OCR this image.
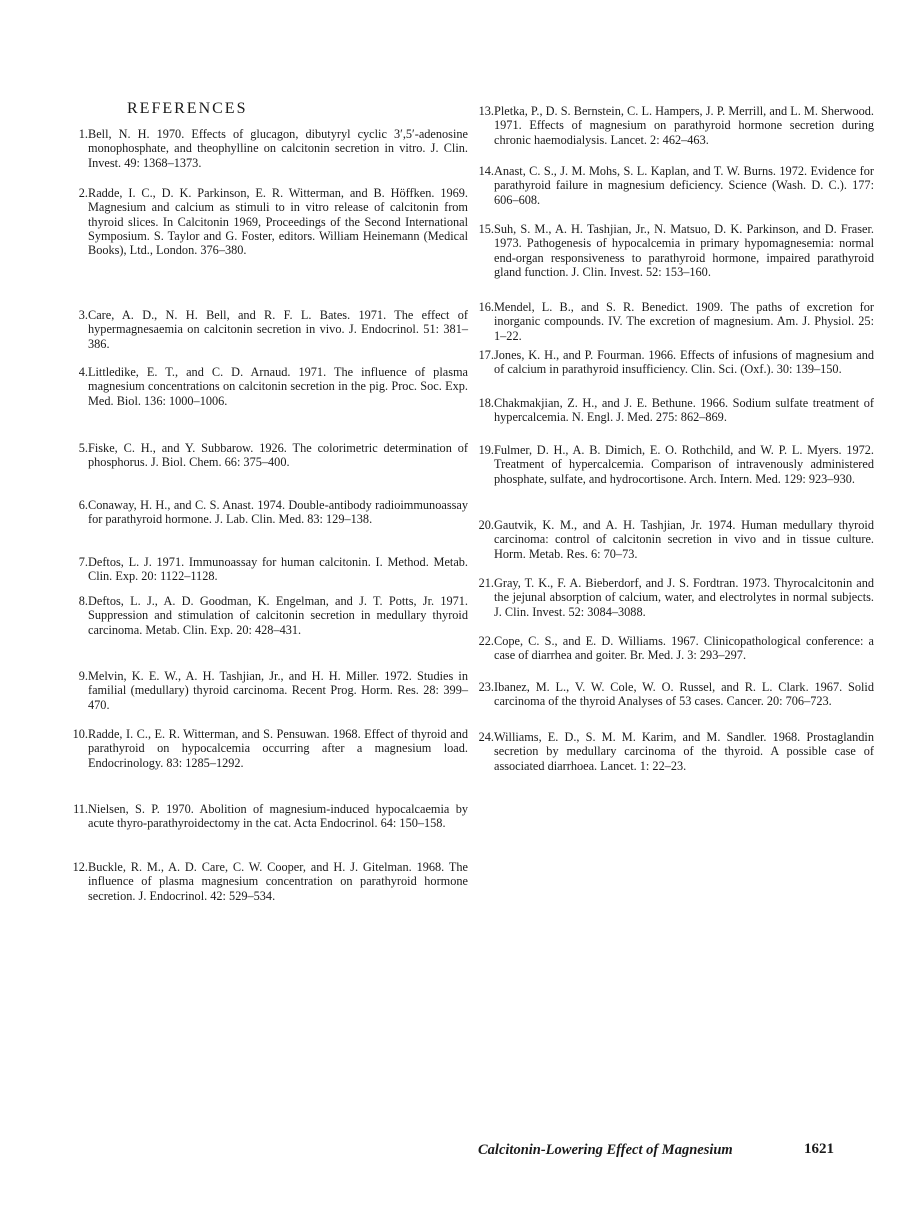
REFERENCES
1. Bell, N. H. 1970. Effects of glucagon, dibutyryl cyclic 3′,5′-adenosine monophosphate, and theophylline on calcitonin secretion in vitro. J. Clin. Invest. 49: 1368–1373.
2. Radde, I. C., D. K. Parkinson, E. R. Witterman, and B. Höffken. 1969. Magnesium and calcium as stimuli to in vitro release of calcitonin from thyroid slices. In Calcitonin 1969, Proceedings of the Second International Symposium. S. Taylor and G. Foster, editors. William Heinemann (Medical Books), Ltd., London. 376–380.
3. Care, A. D., N. H. Bell, and R. F. L. Bates. 1971. The effect of hypermagnesaemia on calcitonin secretion in vivo. J. Endocrinol. 51: 381–386.
4. Littledike, E. T., and C. D. Arnaud. 1971. The influence of plasma magnesium concentrations on calcitonin secretion in the pig. Proc. Soc. Exp. Med. Biol. 136: 1000–1006.
5. Fiske, C. H., and Y. Subbarow. 1926. The colorimetric determination of phosphorus. J. Biol. Chem. 66: 375–400.
6. Conaway, H. H., and C. S. Anast. 1974. Double-antibody radioimmunoassay for parathyroid hormone. J. Lab. Clin. Med. 83: 129–138.
7. Deftos, L. J. 1971. Immunoassay for human calcitonin. I. Method. Metab. Clin. Exp. 20: 1122–1128.
8. Deftos, L. J., A. D. Goodman, K. Engelman, and J. T. Potts, Jr. 1971. Suppression and stimulation of calcitonin secretion in medullary thyroid carcinoma. Metab. Clin. Exp. 20: 428–431.
9. Melvin, K. E. W., A. H. Tashjian, Jr., and H. H. Miller. 1972. Studies in familial (medullary) thyroid carcinoma. Recent Prog. Horm. Res. 28: 399–470.
10. Radde, I. C., E. R. Witterman, and S. Pensuwan. 1968. Effect of thyroid and parathyroid on hypocalcemia occurring after a magnesium load. Endocrinology. 83: 1285–1292.
11. Nielsen, S. P. 1970. Abolition of magnesium-induced hypocalcaemia by acute thyro-parathyroidectomy in the cat. Acta Endocrinol. 64: 150–158.
12. Buckle, R. M., A. D. Care, C. W. Cooper, and H. J. Gitelman. 1968. The influence of plasma magnesium concentration on parathyroid hormone secretion. J. Endocrinol. 42: 529–534.
13. Pletka, P., D. S. Bernstein, C. L. Hampers, J. P. Merrill, and L. M. Sherwood. 1971. Effects of magnesium on parathyroid hormone secretion during chronic haemodialysis. Lancet. 2: 462–463.
14. Anast, C. S., J. M. Mohs, S. L. Kaplan, and T. W. Burns. 1972. Evidence for parathyroid failure in magnesium deficiency. Science (Wash. D. C.). 177: 606–608.
15. Suh, S. M., A. H. Tashjian, Jr., N. Matsuo, D. K. Parkinson, and D. Fraser. 1973. Pathogenesis of hypocalcemia in primary hypomagnesemia: normal end-organ responsiveness to parathyroid hormone, impaired parathyroid gland function. J. Clin. Invest. 52: 153–160.
16. Mendel, L. B., and S. R. Benedict. 1909. The paths of excretion for inorganic compounds. IV. The excretion of magnesium. Am. J. Physiol. 25: 1–22.
17. Jones, K. H., and P. Fourman. 1966. Effects of infusions of magnesium and of calcium in parathyroid insufficiency. Clin. Sci. (Oxf.). 30: 139–150.
18. Chakmakjian, Z. H., and J. E. Bethune. 1966. Sodium sulfate treatment of hypercalcemia. N. Engl. J. Med. 275: 862–869.
19. Fulmer, D. H., A. B. Dimich, E. O. Rothchild, and W. P. L. Myers. 1972. Treatment of hypercalcemia. Comparison of intravenously administered phosphate, sulfate, and hydrocortisone. Arch. Intern. Med. 129: 923–930.
20. Gautvik, K. M., and A. H. Tashjian, Jr. 1974. Human medullary thyroid carcinoma: control of calcitonin secretion in vivo and in tissue culture. Horm. Metab. Res. 6: 70–73.
21. Gray, T. K., F. A. Bieberdorf, and J. S. Fordtran. 1973. Thyrocalcitonin and the jejunal absorption of calcium, water, and electrolytes in normal subjects. J. Clin. Invest. 52: 3084–3088.
22. Cope, C. S., and E. D. Williams. 1967. Clinicopathological conference: a case of diarrhea and goiter. Br. Med. J. 3: 293–297.
23. Ibanez, M. L., V. W. Cole, W. O. Russel, and R. L. Clark. 1967. Solid carcinoma of the thyroid Analyses of 53 cases. Cancer. 20: 706–723.
24. Williams, E. D., S. M. M. Karim, and M. Sandler. 1968. Prostaglandin secretion by medullary carcinoma of the thyroid. A possible case of associated diarrhoea. Lancet. 1: 22–23.
Calcitonin-Lowering Effect of Magnesium	1621
